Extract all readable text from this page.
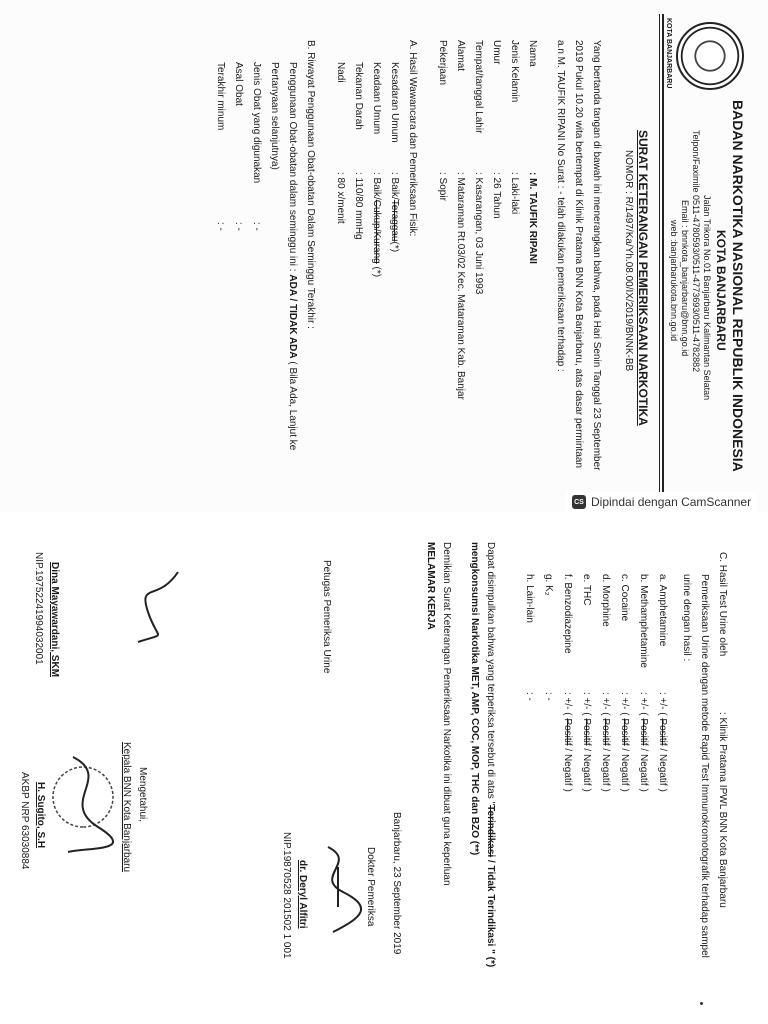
KOTA BANJARBARU
BADAN NARKOTIKA NASIONAL REPUBLIK INDONESIA
KOTA BANJARBARU
Jalan Trikora No.01 Banjarbaru Kalimantan Selatan
Telpon/Faximile 0511-4780593/0511-4773693/0511-4782882
Email : bnnkota_banjarbaru@bnn.go.id
web :banjarbarukota.bnn.go.id
SURAT KETERANGAN PEMERIKSAAN NARKOTIKA
NOMOR : R/1497/Ka/Yh.08.00/IX/2019/BNNK-BB
Yang bertanda tangan di bawah ini menerangkan bahwa, pada Hari Senin Tanggal 23 September
2019 Pukul 10.20 wita bertempat di Klinik Pratama BNN Kota Banjarbaru, atas dasar permintaan
a.n M. TAUFIK RIPANI No Surat : - telah dilakukan pemeriksaan terhadap :
Nama
: M. TAUFIK RIPANI
Jenis Kelamin
: Laki-laki
Umur
: 26 Tahun
Tempat/tanggal Lahir
: Kasarangan, 03 Juni 1993
Alamat
: Mataraman Rt.03/02 Kec. Mataraman Kab. Banjar
Pekerjaan
: Sopir
A. Hasil Wawancara dan Pemeriksaan Fisik:
Kesadaran Umum
: Baik/Teraggau(*)
Keadaan Umum
: Baik/Cukup/Kurang (*)
Tekanan Darah
: 110/80 mmHg
Nadi
: 80 x/menit
B. Riwayat Penggunaan Obat-obatan Dalam Seminggu Terakhir :
Penggunaan Obat-obatan dalam seminggu ini : ADA / TIDAK ADA ( Bila Ada, Lanjut ke
Pertanyaan selanjutnya)
Jenis Obat yang digunakan
: -
Asal Obat
: -
Terakhir minum
: -
CS Dipindai dengan CamScanner
C. Hasil Test Urine oleh
: Klinik Pratama IPWL BNN Kota Banjarbaru
Pemeriksaan Urine dengan metode Rapid Test Immunokromotografik terhadap sampel
urine dengan hasil :
a. Amphetamine
: +/- ( Positif / Negatif )
b. Methamphetamine
: +/- ( Positif / Negatif )
c. Cocaine
: +/- ( Positif / Negatif )
d. Morphine
: +/- ( Positif / Negatif )
e. THC
: +/- ( Positif / Negatif )
f. Benzodiazepine
: +/- ( Positif / Negatif )
g. K₂
: -
h. Lain-lain
: -
Dapat disimpulkan bahwa yang terperiksa tersebut di atas "Terindikasi / Tidak Terindikasi " (*)
mengkonsumsi Narkotika MET, AMP, COC, MOP, THC dan BZO (**)
Demikian Surat Keterangan Pemeriksaan Narkotika ini dibuat guna keperluan
MELAMAR KERJA
Banjarbaru, 23 September 2019
Dokter Pemeriksa
dr. Deryl Alfitri
NIP.19870528 201502 1 001
Petugas Pemeriksa Urine
Dina Mayawardani, SKM
NIP.19752241994032001
Mengetahui,
Kepala BNN Kota Banjarbaru
H. Sugito, S.H
AKBP NRP 63030884
